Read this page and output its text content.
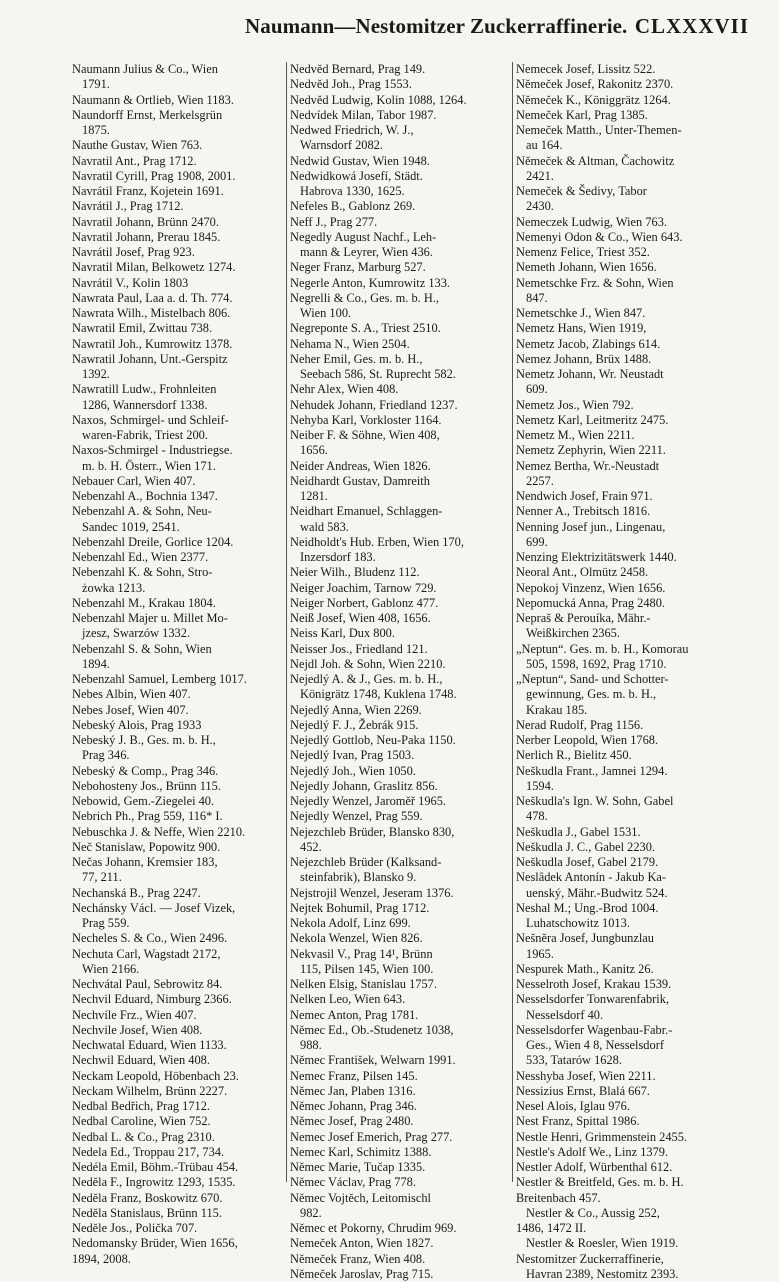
Naumann—Nestomitzer Zuckerraffinerie. CLXXXVII
Naumann Julius & Co., Wien
1791.
Naumann & Ortlieb, Wien 1183.
Naundorff Ernst, Merkelsgrün
1875.
Nauthe Gustav, Wien 763.
Navratil Ant., Prag 1712.
Navratil Cyrill, Prag 1908, 2001.
Navrátil Franz, Kojetein 1691.
Navrátil J., Prag 1712.
Navratil Johann, Brünn 2470.
Navratil Johann, Prerau 1845.
Navrátil Josef, Prag 923.
Navratil Milan, Belkowetz 1274.
Navrátil V., Kolin 1803
Nawrata Paul, Laa a. d. Th. 774.
Nawrata Wilh., Mistelbach 806.
Nawratil Emil, Zwittau 738.
Nawratil Joh., Kumrowitz 1378.
Nawratil Johann, Unt.-Gerspitz
1392.
Nawratill Ludw., Frohnleiten
1286, Wannersdorf 1338.
Naxos, Schmirgel- und Schleif-
waren-Fabrik, Triest 200.
Naxos-Schmirgel - Industriegse.
m. b. H. Österr., Wien 171.
Nebauer Carl, Wien 407.
Nebenzahl A., Bochnia 1347.
Nebenzahl A. & Sohn, Neu-
Sandec 1019, 2541.
Nebenzahl Dreile, Gorlice 1204.
Nebenzahl Ed., Wien 2377.
Nebenzahl K. & Sohn, Stro-
żowka 1213.
Nebenzahl M., Krakau 1804.
Nebenzahl Majer u. Millet Mo-
jzesz, Swarzów 1332.
Nebenzahl S. & Sohn, Wien
1894.
Nebenzahl Samuel, Lemberg 1017.
Nebes Albin, Wien 407.
Nebes Josef, Wien 407.
Nebeský Alois, Prag 1933
Nebeský J. B., Ges. m. b. H.,
Prag 346.
Nebeský & Comp., Prag 346.
Nebohosteny Jos., Brünn 115.
Nebowid, Gem.-Ziegelei 40.
Nebrich Ph., Prag 559, 116* I.
Nebuschka J. & Neffe, Wien 2210.
Neč Stanislaw, Popowitz 900.
Nečas Johann, Kremsier 183,
77, 211.
Nechanská B., Prag 2247.
Nechánsky Václ. — Josef Vizek,
Prag 559.
Necheles S. & Co., Wien 2496.
Nechuta Carl, Wagstadt 2172,
Wien 2166.
Nechvátal Paul, Sebrowitz 84.
Nechvil Eduard, Nimburg 2366.
Nechvíle Frz., Wien 407.
Nechvile Josef, Wien 408.
Nechwatal Eduard, Wien 1133.
Nechwil Eduard, Wien 408.
Neckam Leopold, Höbenbach 23.
Neckam Wilhelm, Brünn 2227.
Nedbal Bedřich, Prag 1712.
Nedbal Caroline, Wien 752.
Nedbal L. & Co., Prag 2310.
Nedela Ed., Troppau 217, 734.
Nedéla Emil, Böhm.-Trübau 454.
Neděla F., Ingrowitz 1293, 1535.
Neděla Franz, Boskowitz 670.
Neděla Stanislaus, Brünn 115.
Neděle Jos., Polička 707.
Nedomansky Brüder, Wien 1656,
1894, 2008.
Nedvěd Bernard, Prag 149.
Nedvěd Joh., Prag 1553.
Nedvěd Ludwig, Kolin 1088, 1264.
Nedvídek Milan, Tabor 1987.
Nedwed Friedrich, W. J.,
Warnsdorf 2082.
Nedwid Gustav, Wien 1948.
Nedwidkowá Josefí, Städt.
Habrova 1330, 1625.
Nefeles B., Gablonz 269.
Neff J., Prag 277.
Negedly August Nachf., Leh-
mann & Leyrer, Wien 436.
Neger Franz, Marburg 527.
Negerle Anton, Kumrowitz 133.
Negrelli & Co., Ges. m. b. H.,
Wien 100.
Negreponte S. A., Triest 2510.
Nehama N., Wien 2504.
Neher Emil, Ges. m. b. H.,
Seebach 586, St. Ruprecht 582.
Nehr Alex, Wien 408.
Nehudek Johann, Friedland 1237.
Nehyba Karl, Vorkloster 1164.
Neiber F. & Söhne, Wien 408,
1656.
Neider Andreas, Wien 1826.
Neidhardt Gustav, Damreith
1281.
Neidhart Emanuel, Schlaggen-
wald 583.
Neidholdt's Hub. Erben, Wien 170,
Inzersdorf 183.
Neier Wilh., Bludenz 112.
Neiger Joachim, Tarnow 729.
Neiger Norbert, Gablonz 477.
Neiß Josef, Wien 408, 1656.
Neiss Karl, Dux 800.
Neisser Jos., Friedland 121.
Nejdl Joh. & Sohn, Wien 2210.
Nejedlý A. & J., Ges. m. b. H.,
Königrätz 1748, Kuklena 1748.
Nejedlý Anna, Wien 2269.
Nejedlý F. J., Žebrák 915.
Nejedlý Gottlob, Neu-Paka 1150.
Nejedlý Ivan, Prag 1503.
Nejedlý Joh., Wien 1050.
Nejedly Johann, Graslitz 856.
Nejedly Wenzel, Jaroměř 1965.
Nejedly Wenzel, Prag 559.
Nejezchleb Brüder, Blansko 830,
452.
Nejezchleb Brüder (Kalksand-
steinfabrik), Blansko 9.
Nejstrojil Wenzel, Jeseram 1376.
Nejtek Bohumil, Prag 1712.
Nekola Adolf, Linz 699.
Nekola Wenzel, Wien 826.
Nekvasil V., Prag 14¹, Brünn
115, Pilsen 145, Wien 100.
Nelken Elsig, Stanislau 1757.
Nelken Leo, Wien 643.
Nemec Anton, Prag 1781.
Němec Ed., Ob.-Studenetz 1038,
988.
Němec František, Welwarn 1991.
Nemec Franz, Pilsen 145.
Němec Jan, Plaben 1316.
Němec Johann, Prag 346.
Němec Josef, Prag 2480.
Nemec Josef Emerich, Prag 277.
Nemec Karl, Schimitz 1388.
Němec Marie, Tučap 1335.
Němec Václav, Prag 778.
Němec Vojtěch, Leitomischl
982.
Němec et Pokorny, Chrudim 969.
Nemeček Anton, Wien 1827.
Němeček Franz, Wien 408.
Němeček Jaroslav, Prag 715.
Nemecek Josef, Lissitz 522.
Němeček Josef, Rakonitz 2370.
Němeček K., Königgrätz 1264.
Nemeček Karl, Prag 1385.
Nemeček Matth., Unter-Themen-
au 164.
Němeček & Altman, Čachowitz
2421.
Nemeček & Šedivy, Tabor
2430.
Nemeczek Ludwig, Wien 763.
Nemenyi Odon & Co., Wien 643.
Nemenz Felice, Triest 352.
Nemeth Johann, Wien 1656.
Nemetschke Frz. & Sohn, Wien
847.
Nemetschke J., Wien 847.
Nemetz Hans, Wien 1919,
Nemetz Jacob, Zlabings 614.
Nemez Johann, Brüx 1488.
Nemetz Johann, Wr. Neustadt
609.
Nemetz Jos., Wien 792.
Nemetz Karl, Leitmeritz 2475.
Nemetz M., Wien 2211.
Nemetz Zephyrin, Wien 2211.
Nemez Bertha, Wr.-Neustadt
2257.
Nendwich Josef, Frain 971.
Nenner A., Trebitsch 1816.
Nenning Josef jun., Lingenau,
699.
Nenzing Elektrizitätswerk 1440.
Neoral Ant., Olmütz 2458.
Nepokoj Vinzenz, Wien 1656.
Nepomucká Anna, Prag 2480.
Nepraš & Perouíka, Mähr.-
Weißkirchen 2365.
„Neptun“. Ges. m. b. H., Komorau
505, 1598, 1692, Prag 1710.
„Neptun“, Sand- und Schotter-
gewinnung, Ges. m. b. H.,
Krakau 185.
Nerad Rudolf, Prag 1156.
Nerber Leopold, Wien 1768.
Nerlich R., Bielitz 450.
Neškudla Frant., Jamnei 1294.
1594.
Neškudla's Ign. W. Sohn, Gabel
478.
Neškudla J., Gabel 1531.
Neškudla J. C., Gabel 2230.
Neškudla Josef, Gabel 2179.
Neslâdek Antonín - Jakub Ka-
uenský, Mähr.-Budwitz 524.
Neshal M.; Ung.-Brod 1004.
Luhatschowitz 1013.
Nešněra Josef, Jungbunzlau
1965.
Nespurek Math., Kanitz 26.
Nesselroth Josef, Krakau 1539.
Nesselsdorfer Tonwarenfabrik,
Nesselsdorf 40.
Nesselsdorfer Wagenbau-Fabr.-
Ges., Wien 4 8, Nesselsdorf
533, Tatarów 1628.
Nesshyba Josef, Wien 2211.
Nessizius Ernst, Blalá 667.
Nesel Alois, Iglau 976.
Nest Franz, Spittal 1986.
Nestle Henri, Grimmenstein 2455.
Nestle's Adolf We., Linz 1379.
Nestler Adolf, Würbenthal 612.
Nestler & Breitfeld, Ges. m. b. H.
Breitenbach 457.
Nestler & Co., Aussig 252,
1486, 1472 II.
Nestler & Roesler, Wien 1919.
Nestomitzer Zuckerraffinerie,
Havran 2389, Nestomitz 2393.
